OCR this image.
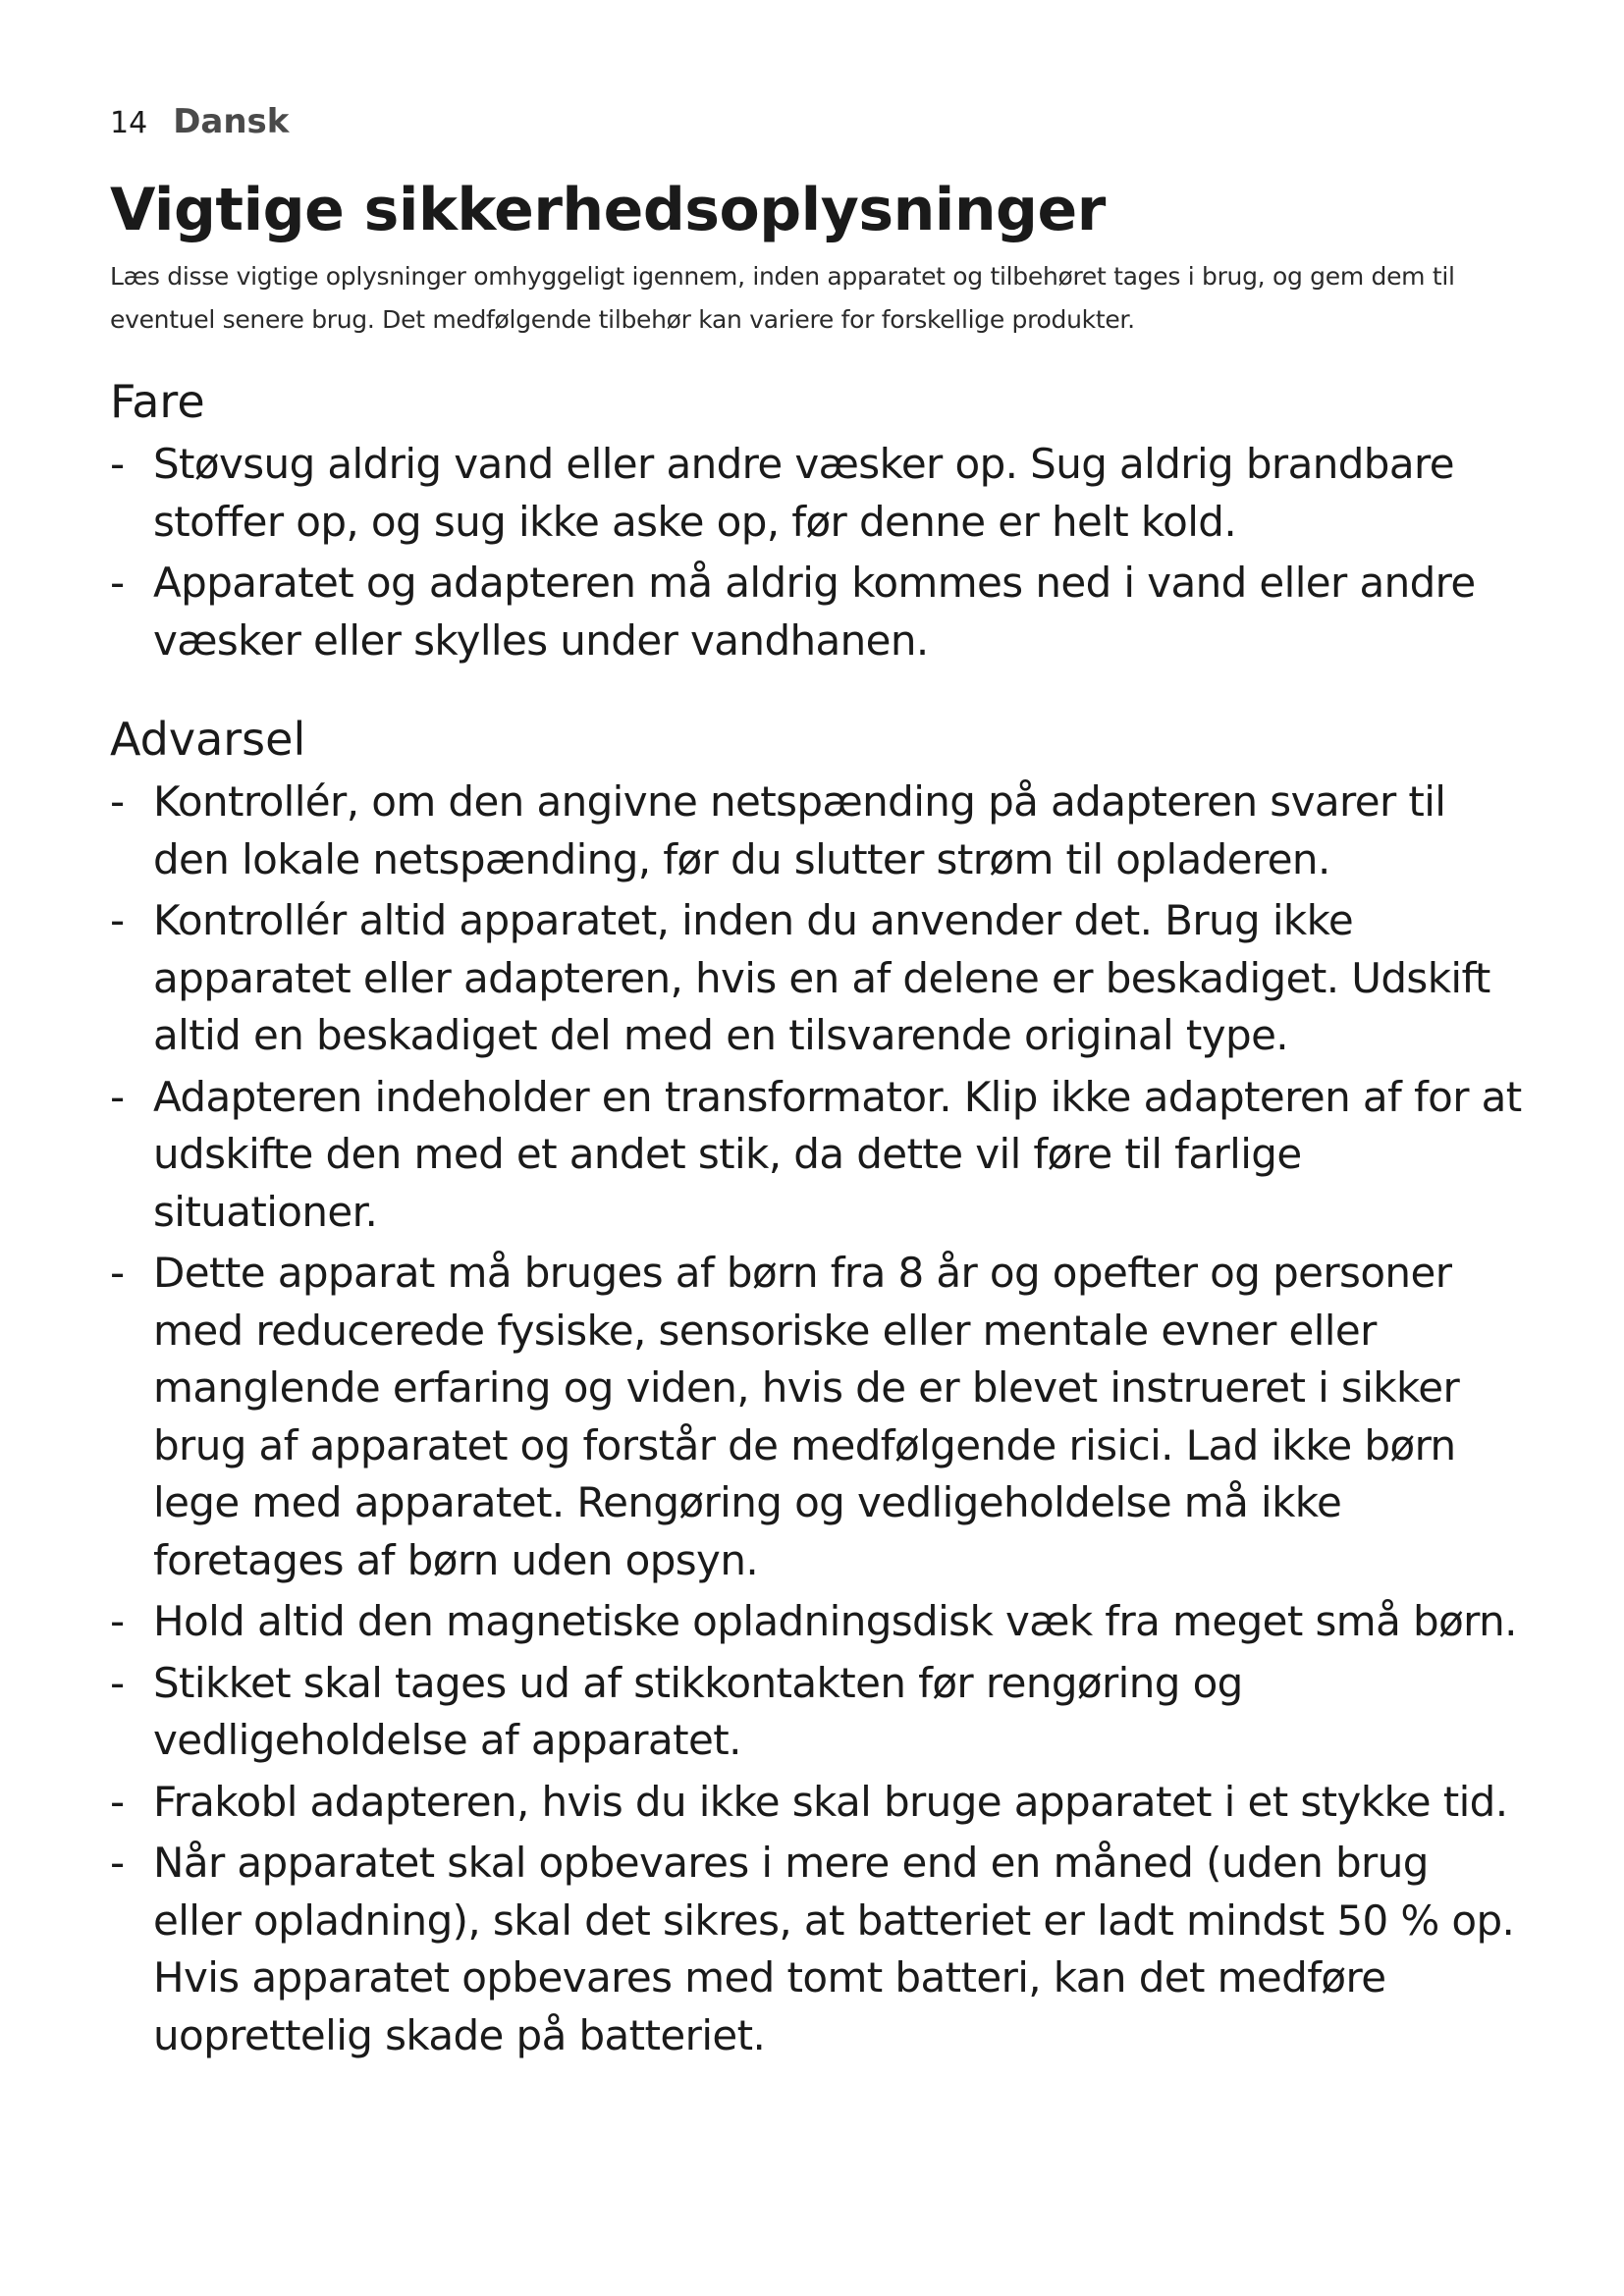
14 Dansk
Vigtige sikkerhedsoplysninger

Læs disse vigtige oplysninger omhyggeligt igennem, inden apparatet og tilbehøret tages i brug, og gem dem til eventuel senere brug. Det medfølgende tilbehør kan variere for forskellige produkter.

Fare
- Støvsug aldrig vand eller andre væsker op. Sug aldrig brandbare stoffer op, og sug ikke aske op, før denne er helt kold.
- Apparatet og adapteren må aldrig kommes ned i vand eller andre væsker eller skylles under vandhanen.
Advarsel
- Kontrollér, om den angivne netspænding på adapteren svarer til den lokale netspænding, før du slutter strøm til opladeren.
- Kontrollér altid apparatet, inden du anvender det. Brug ikke apparatet eller adapteren, hvis en af delene er beskadiget. Udskift altid en beskadiget del med en tilsvarende original type.
- Adapteren indeholder en transformator. Klip ikke adapteren af for at udskifte den med et andet stik, da dette vil føre til farlige situationer.
- Dette apparat må bruges af børn fra 8 år og opefter og personer med reducerede fysiske, sensoriske eller mentale evner eller manglende erfaring og viden, hvis de er blevet instrueret i sikker brug af apparatet og forstår de medfølgende risici. Lad ikke børn lege med apparatet. Rengøring og vedligeholdelse må ikke foretages af børn uden opsyn.
- Hold altid den magnetiske opladningsdisk væk fra meget små børn.
- Stikket skal tages ud af stikkontakten før rengøring og vedligeholdelse af apparatet.
- Frakobl adapteren, hvis du ikke skal bruge apparatet i et stykke tid.
- Når apparatet skal opbevares i mere end en måned (uden brug eller opladning), skal det sikres, at batteriet er ladt mindst 50 % op. Hvis apparatet opbevares med tomt batteri, kan det medføre uoprettelig skade på batteriet.
